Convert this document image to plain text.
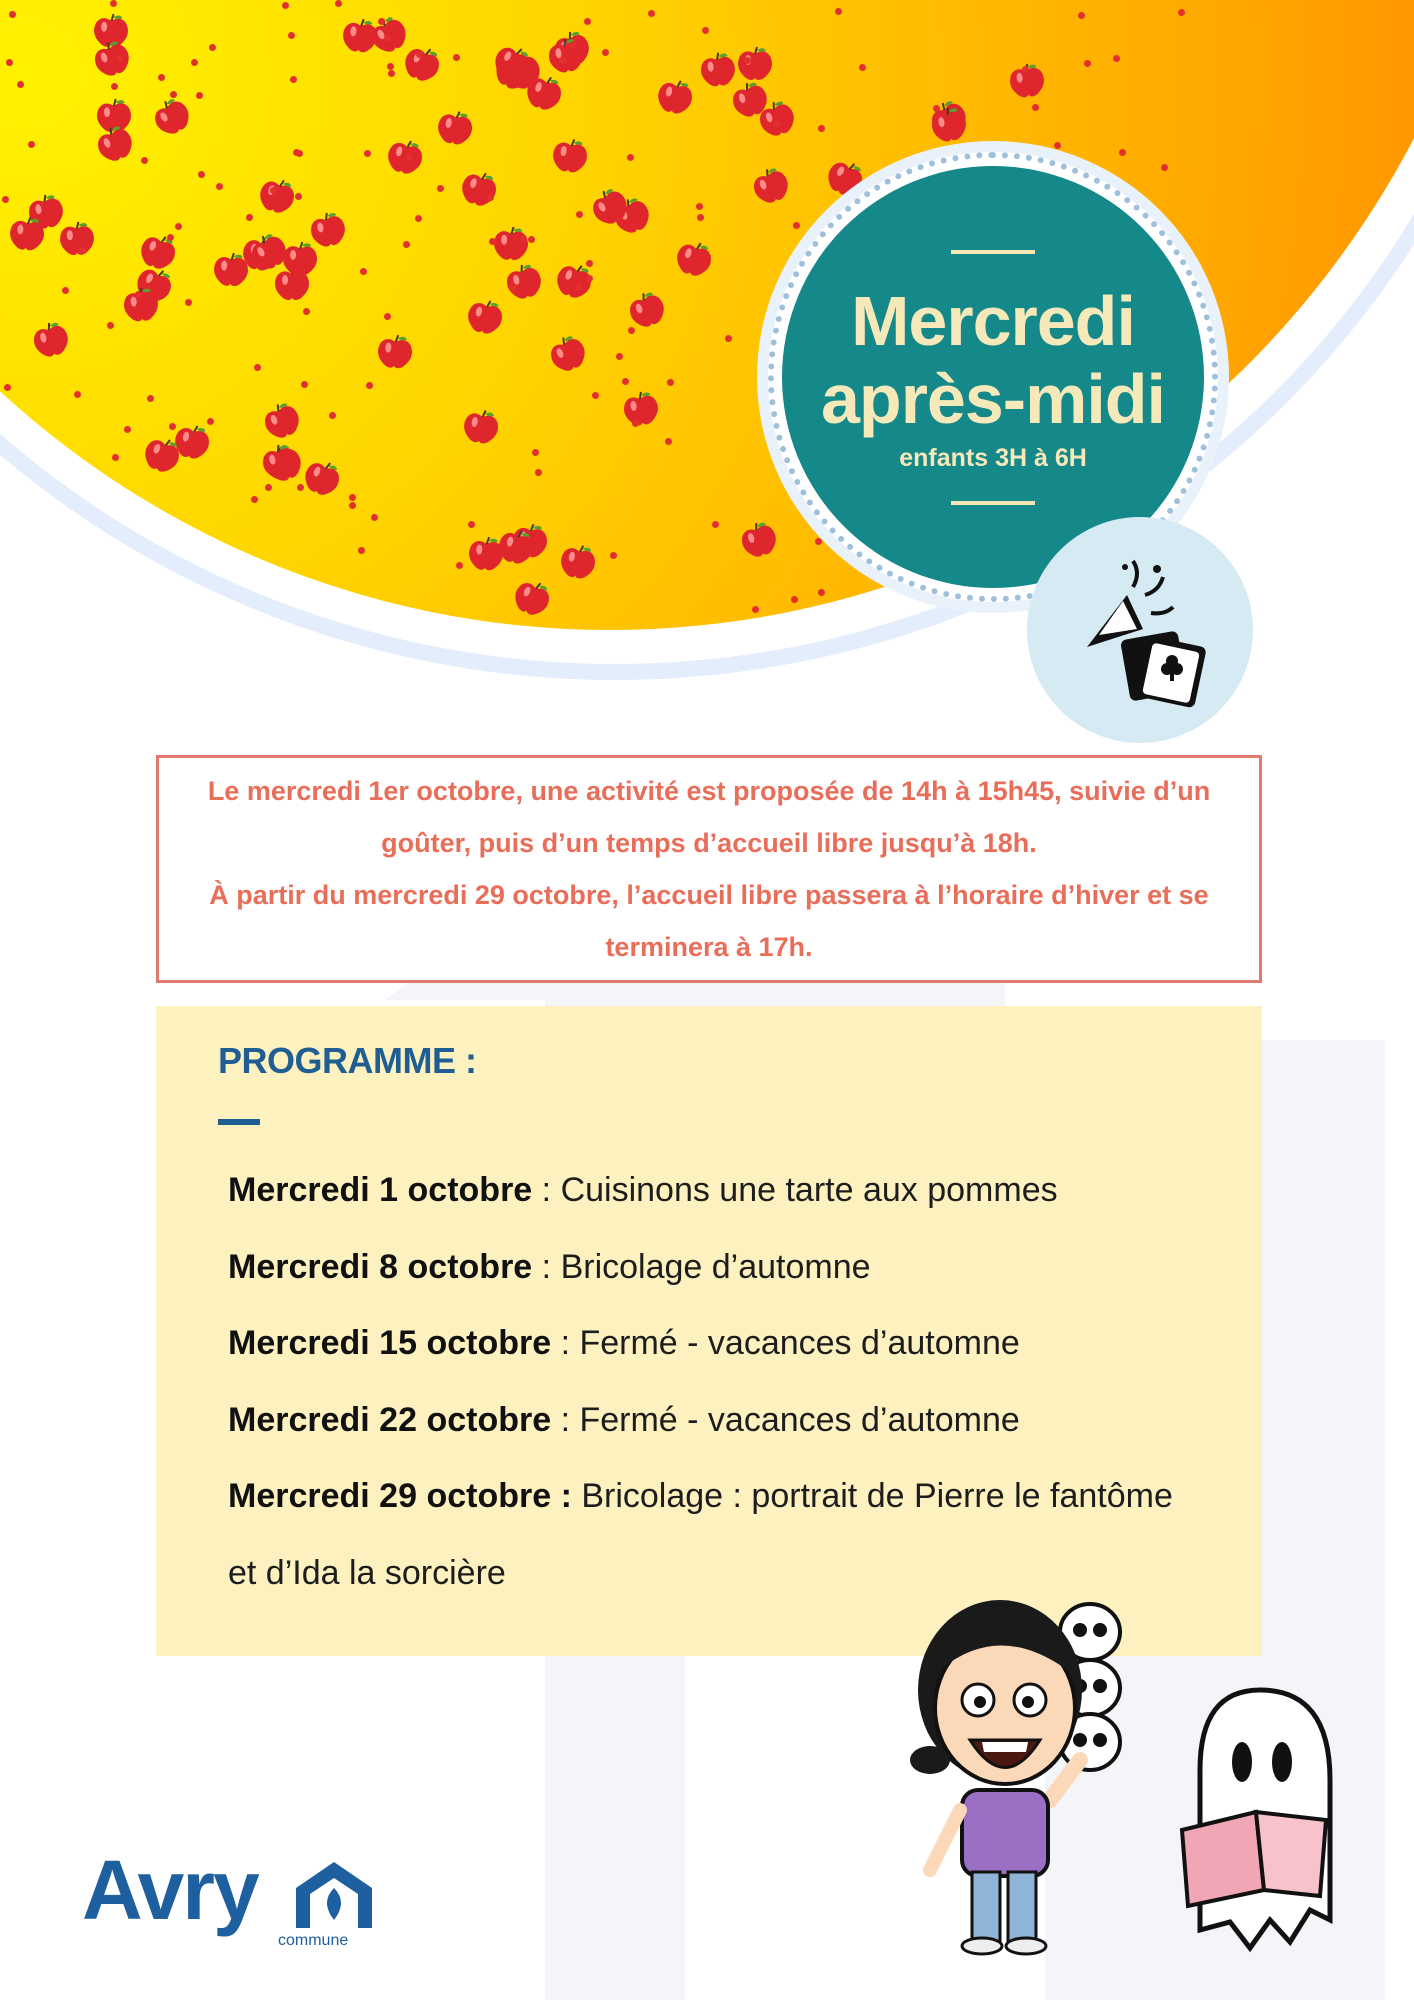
Mercredi
après-midi
enfants 3H à 6H
Le mercredi 1er octobre, une activité est proposée de 14h à 15h45, suivie d’un
goûter, puis d’un temps d’accueil libre jusqu’à 18h.
À partir du mercredi 29 octobre, l’accueil libre passera à l’horaire d’hiver et se
terminera à 17h.
PROGRAMME :
Mercredi 1 octobre : Cuisinons une tarte aux pommes
Mercredi 8 octobre : Bricolage d’automne
Mercredi 15 octobre : Fermé - vacances d’automne
Mercredi 22 octobre : Fermé - vacances d’automne
Mercredi 29 octobre : Bricolage : portrait de Pierre le fantôme
et d’Ida la sorcière
Avry
commune
